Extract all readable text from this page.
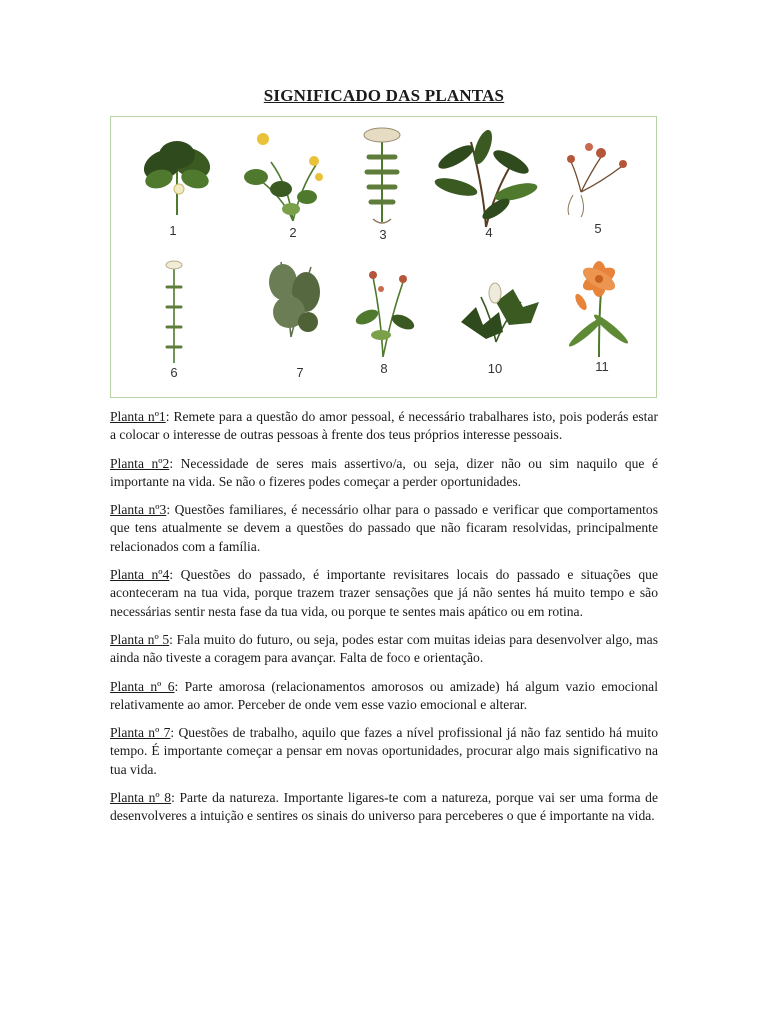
SIGNIFICADO DAS PLANTAS
1	2	3	4	5
6	7	8	10	11

Planta nº1: Remete para a questão do amor pessoal, é necessário trabalhares isto, pois poderás estar a colocar o interesse de outras pessoas à frente dos teus próprios interesse pessoais.

Planta nº2: Necessidade de seres mais assertivo/a, ou seja, dizer não ou sim naquilo que é importante na vida. Se não o fizeres podes começar a perder oportunidades.

Planta nº3: Questões familiares, é necessário olhar para o passado e verificar que comportamentos que tens atualmente se devem a questões do passado que não ficaram resolvidas, principalmente relacionados com a família.

Planta nº4: Questões do passado, é importante revisitares locais do passado e situações que aconteceram na tua vida, porque trazem trazer sensações que já não sentes há muito tempo e são necessárias sentir nesta fase da tua vida, ou porque te sentes mais apático ou em rotina.

Planta nº 5: Fala muito do futuro, ou seja, podes estar com muitas ideias para desenvolver algo, mas ainda não tiveste a coragem para avançar. Falta de foco e orientação.

Planta nº 6: Parte amorosa (relacionamentos amorosos ou amizade) há algum vazio emocional relativamente ao amor. Perceber de onde vem esse vazio emocional e alterar.

Planta nº 7: Questões de trabalho, aquilo que fazes a nível profissional já não faz sentido há muito tempo. É importante começar a pensar em novas oportunidades, procurar algo mais significativo na tua vida.

Planta nº 8: Parte da natureza. Importante ligares-te com a natureza, porque vai ser uma forma de desenvolveres a intuição e sentires os sinais do universo para perceberes o que é importante na vida.
